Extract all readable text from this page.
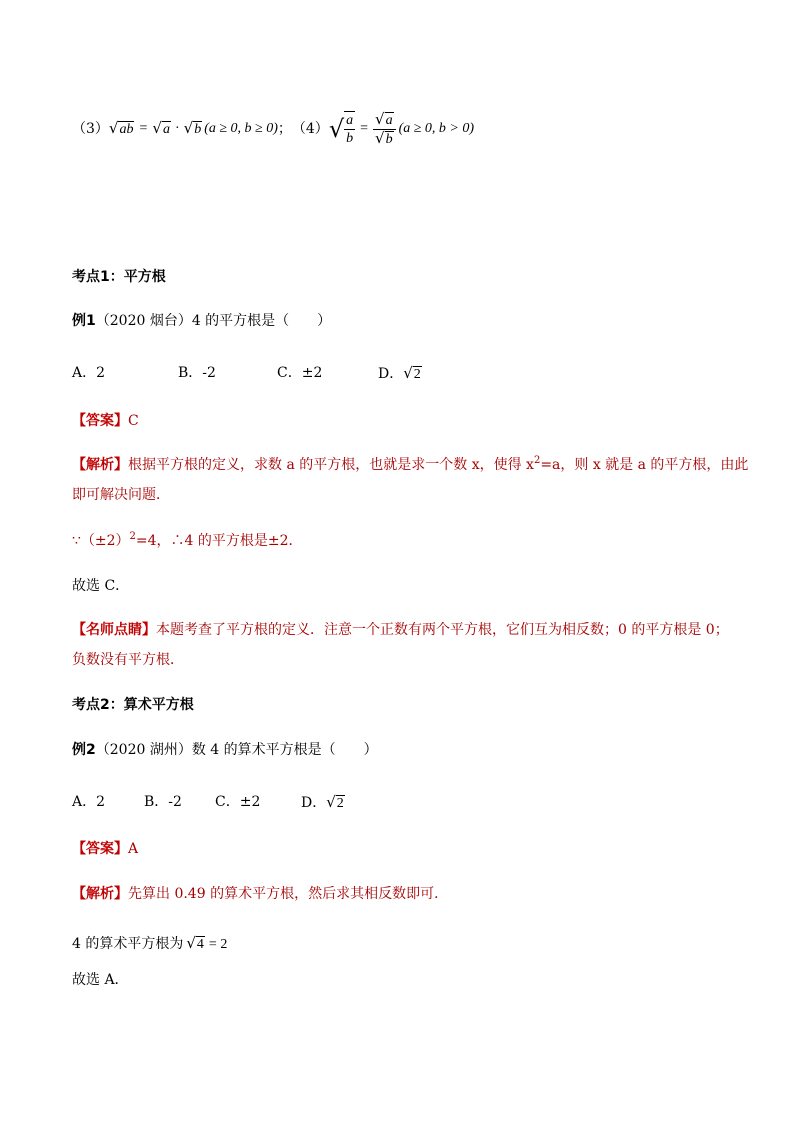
（3） √ab = √a · √b (a ≥ 0, b ≥ 0) ； （4） √ $\frac{a}{b} = \frac{√a}{√b} (a \ge 0$, b > 0)
考点1：平方根
例1（2020 烟台）4 的平方根是（　　）
A．2	B．-2	C．±2	D．√2
【答案】C
【解析】根据平方根的定义，求数 a 的平方根，也就是求一个数 x，使得 $x^2=a$，则 x 就是 a 的平方根，由此
即可解决问题．
$\because(\pm 2)^2=4$，∴4 的平方根是±2．
故选 C．
【名师点睛】本题考查了平方根的定义．注意一个正数有两个平方根，它们互为相反数；0 的平方根是 0；
负数没有平方根．
考点2：算术平方根
例2（2020 湖州）数 4 的算术平方根是（　　）
A．2	B．-2 C．±2	D．√2
【答案】A
【解析】先算出 0.49 的算术平方根，然后求其相反数即可．
4 的算术平方根为 √4 = 2
故选 A．
